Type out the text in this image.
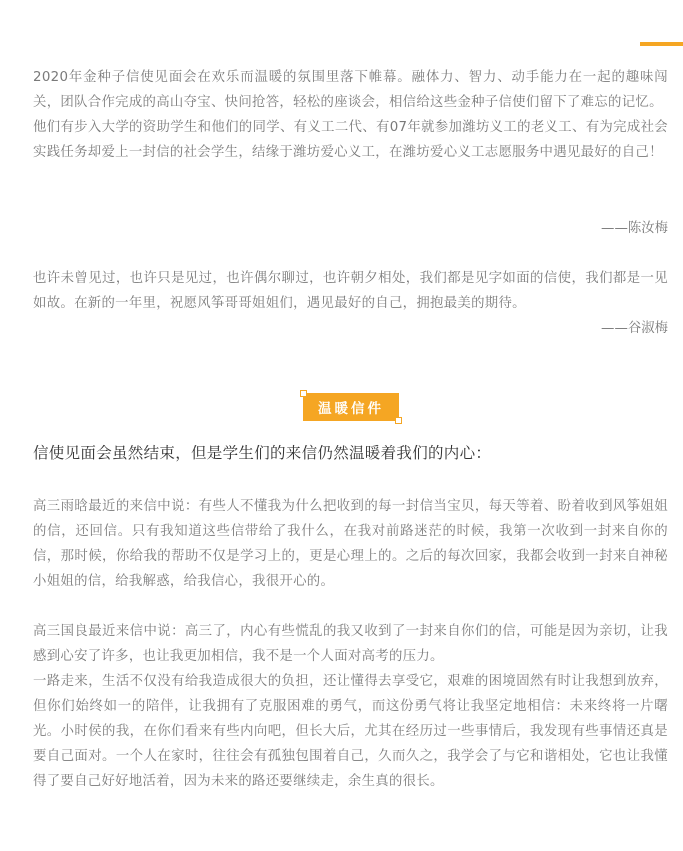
2020年金种子信使见面会在欢乐而温暖的氛围里落下帷幕。融体力、智力、动手能力在一起的趣味闯关，团队合作完成的高山夺宝、快问抢答，轻松的座谈会，相信给这些金种子信使们留下了难忘的记忆。
他们有步入大学的资助学生和他们的同学、有义工二代、有07年就参加潍坊义工的老义工、有为完成社会实践任务却爱上一封信的社会学生，结缘于潍坊爱心义工，在潍坊爱心义工志愿服务中遇见最好的自己！

——陈汝梅

也许未曾见过，也许只是见过，也许偶尔聊过，也许朝夕相处，我们都是见字如面的信使，我们都是一见如故。在新的一年里，祝愿风筝哥哥姐姐们，遇见最好的自己，拥抱最美的期待。

——谷淑梅

温暖信件

信使见面会虽然结束，但是学生们的来信仍然温暖着我们的内心：

高三雨晗最近的来信中说：有些人不懂我为什么把收到的每一封信当宝贝，每天等着、盼着收到风筝姐姐的信，还回信。只有我知道这些信带给了我什么，在我对前路迷茫的时候，我第一次收到一封来自你的信，那时候，你给我的帮助不仅是学习上的，更是心理上的。之后的每次回家，我都会收到一封来自神秘小姐姐的信，给我解惑，给我信心，我很开心的。

高三国良最近来信中说：高三了，内心有些慌乱的我又收到了一封来自你们的信，可能是因为亲切，让我感到心安了许多，也让我更加相信，我不是一个人面对高考的压力。
一路走来，生活不仅没有给我造成很大的负担，还让懂得去享受它，艰难的困境固然有时让我想到放弃，但你们始终如一的陪伴，让我拥有了克服困难的勇气，而这份勇气将让我坚定地相信：未来终将一片曙光。小时侯的我，在你们看来有些内向吧，但长大后，尤其在经历过一些事情后，我发现有些事情还真是要自己面对。一个人在家时，往往会有孤独包围着自己，久而久之，我学会了与它和谐相处，它也让我懂得了要自己好好地活着，因为未来的路还要继续走，余生真的很长。
